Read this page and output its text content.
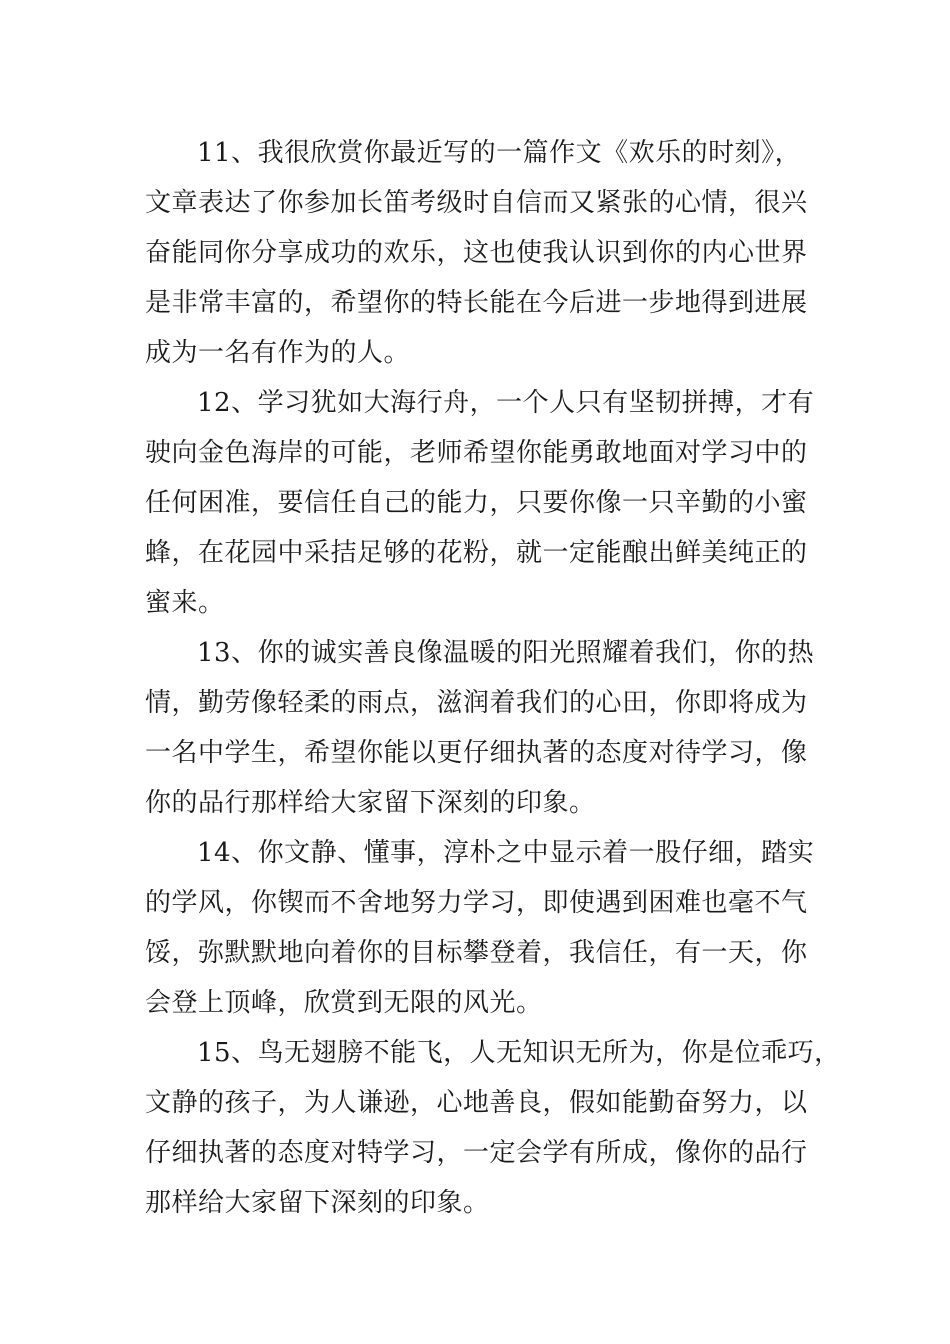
11、我很欣赏你最近写的一篇作文《欢乐的时刻》，
文章表达了你参加长笛考级时自信而又紧张的心情，很兴
奋能同你分享成功的欢乐，这也使我认识到你的内心世界
是非常丰富的，希望你的特长能在今后进一步地得到进展
成为一名有作为的人。
12、学习犹如大海行舟，一个人只有坚韧拼搏，才有
驶向金色海岸的可能，老师希望你能勇敢地面对学习中的
任何困准，要信任自己的能力，只要你像一只辛勤的小蜜
蜂，在花园中采拮足够的花粉，就一定能酿出鲜美纯正的
蜜来。
13、你的诚实善良像温暖的阳光照耀着我们，你的热
情，勤劳像轻柔的雨点，滋润着我们的心田，你即将成为
一名中学生，希望你能以更仔细执著的态度对待学习，像
你的品行那样给大家留下深刻的印象。
14、你文静、懂事，淳朴之中显示着一股仔细，踏实
的学风，你锲而不舍地努力学习，即使遇到困难也毫不气
馁，弥默默地向着你的目标攀登着，我信任，有一天，你
会登上顶峰，欣赏到无限的风光。
15、鸟无翅膀不能飞，人无知识无所为，你是位乖巧，
文静的孩子，为人谦逊，心地善良，假如能勤奋努力，以
仔细执著的态度对特学习，一定会学有所成，像你的品行
那样给大家留下深刻的印象。
